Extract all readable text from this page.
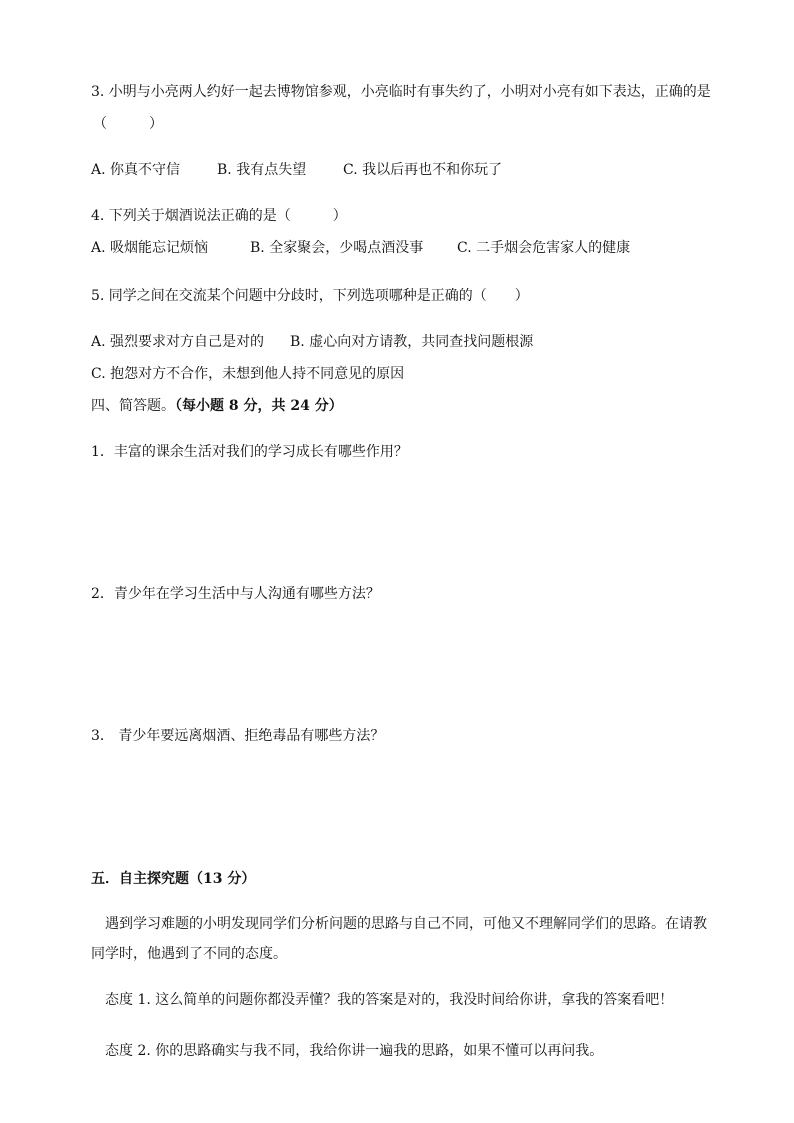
3. 小明与小亮两人约好一起去博物馆参观，小亮临时有事失约了，小明对小亮有如下表达，正确的是
（　　　）
A. 你真不守信	B. 我有点失望	C. 我以后再也不和你玩了
4. 下列关于烟酒说法正确的是（　　　）
A. 吸烟能忘记烦恼	B. 全家聚会，少喝点酒没事 C. 二手烟会危害家人的健康
5. 同学之间在交流某个问题中分歧时，下列选项哪种是正确的（　　）
A. 强烈要求对方自己是对的 B. 虚心向对方请教，共同查找问题根源
C. 抱怨对方不合作，未想到他人持不同意见的原因
四、简答题。（每小题 8 分，共 24 分）
1．丰富的课余生活对我们的学习成长有哪些作用？
2．青少年在学习生活中与人沟通有哪些方法？
3． 青少年要远离烟酒、拒绝毒品有哪些方法？
五．自主探究题（13 分）
遇到学习难题的小明发现同学们分析问题的思路与自己不同，可他又不理解同学们的思路。在请教
同学时，他遇到了不同的态度。
态度 1. 这么简单的问题你都没弄懂？我的答案是对的，我没时间给你讲，拿我的答案看吧！
态度 2. 你的思路确实与我不同，我给你讲一遍我的思路，如果不懂可以再问我。
